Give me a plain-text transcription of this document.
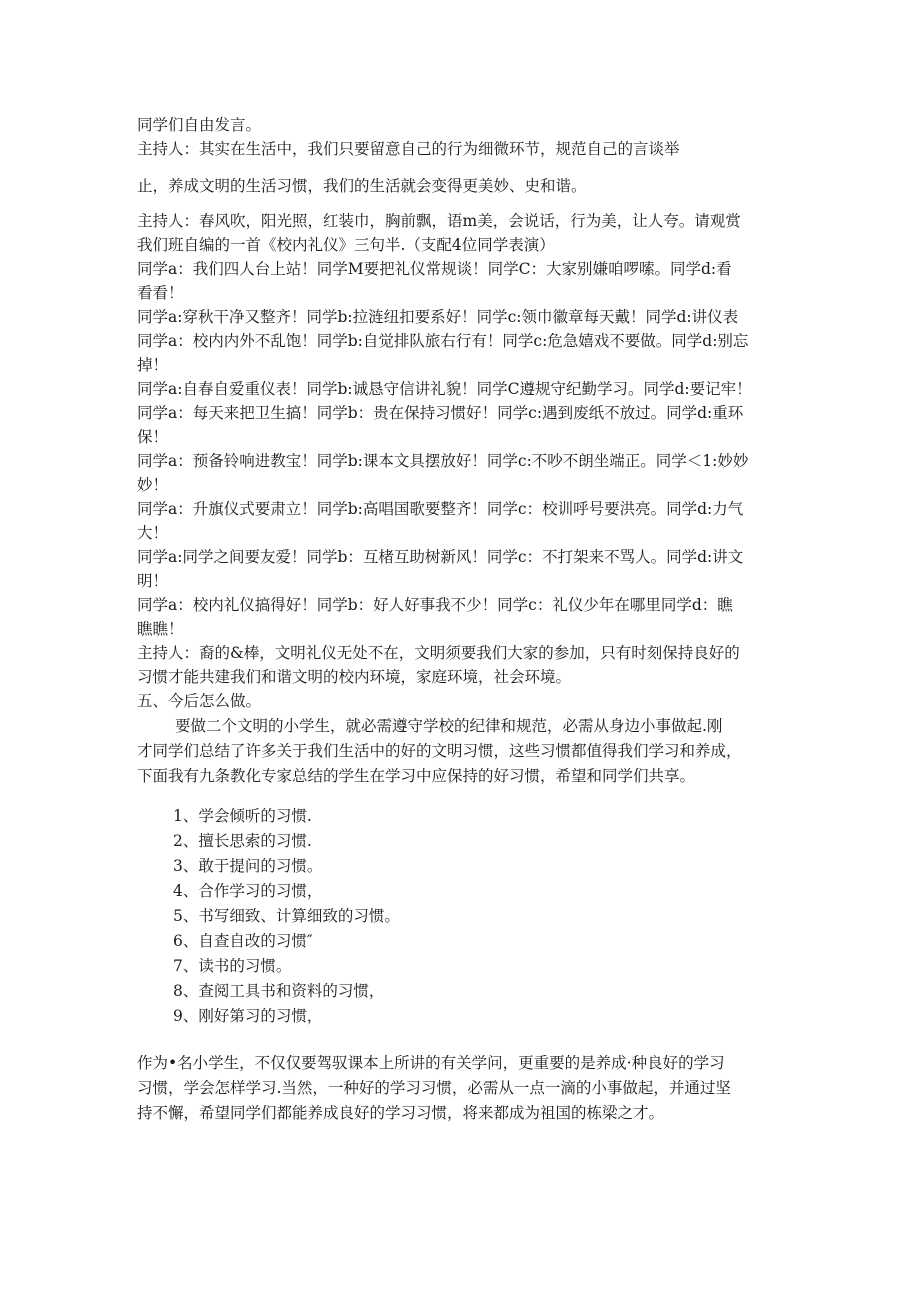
同学们自由发言。
主持人：其实在生活中，我们只要留意自己的行为细微环节，规范自己的言谈举
止，养成文明的生活习惯，我们的生活就会变得更美妙、史和谐。
主持人：春风吹，阳光照，红装巾，胸前飘，语m美，会说话，行为美，让人夸。请观赏
我们班自编的一首《校内礼仪》三句半.（支配4位同学表演）
同学a：我们四人台上站！同学M要把礼仪常规谈！同学C：大家别嫌咱啰嗦。同学d:看
看看！
同学a:穿秋干净又整齐！同学b:拉涟纽扣要系好！同学c:领巾徽章每天戴！同学d:讲仪表
同学a：校内内外不乱饱！同学b:自觉排队旅右行有！同学c:危急嬉戏不要做。同学d:别忘
掉！
同学a:自春自爱重仪表！同学b:诚恳守信讲礼貌！同学C遵规守纪勤学习。同学d:要记牢！
同学a：每天来把卫生搞！同学b：贵在保持习惯好！同学c:遇到废纸不放过。同学d:重环
保！
同学a：预备铃响进教宝！同学b:课本文具摆放好！同学c:不吵不朗坐端正。同学＜1:妙妙
妙！
同学a：升旗仪式要肃立！同学b:高唱国歌要整齐！同学c：校训呼号要洪亮。同学d:力气
大！
同学a:同学之间要友爱！同学b：互楮互助树新风！同学c：不打架来不骂人。同学d:讲文
明！
同学a：校内礼仪搞得好！同学b：好人好事我不少！同学c：礼仪少年在哪里同学d：瞧
瞧瞧！
主持人：裔的&棒，文明礼仪无处不在，文明须要我们大家的参加，只有时刻保持良好的
习惯才能共建我们和谐文明的校内环境，家庭环境，社会环境。
五、今后怎么做。
要做二个文明的小学生，就必需遵守学校的纪律和规范，必需从身边小事做起.刚
才同学们总结了许多关于我们生活中的好的文明习惯，这些习惯都值得我们学习和养成，
下面我有九条教化专家总结的学生在学习中应保持的好习惯，希望和同学们共享。
1、学会倾听的习惯.
2、擅长思索的习惯.
3、敢于提问的习惯。
4、合作学习的习惯，
5、书写细致、计算细致的习惯。
6、自查自改的习惯″
7、读书的习惯。
8、查阅工具书和资料的习惯，
9、刚好第习的习惯，
作为•名小学生，不仅仅要驾驭课本上所讲的有关学问，更重要的是养成·种良好的学习
习惯，学会怎样学习.当然，一种好的学习习惯，必需从一点一滴的小事做起，并通过坚
持不懈，希望同学们都能养成良好的学习习惯，将来都成为祖国的栋梁之才。
